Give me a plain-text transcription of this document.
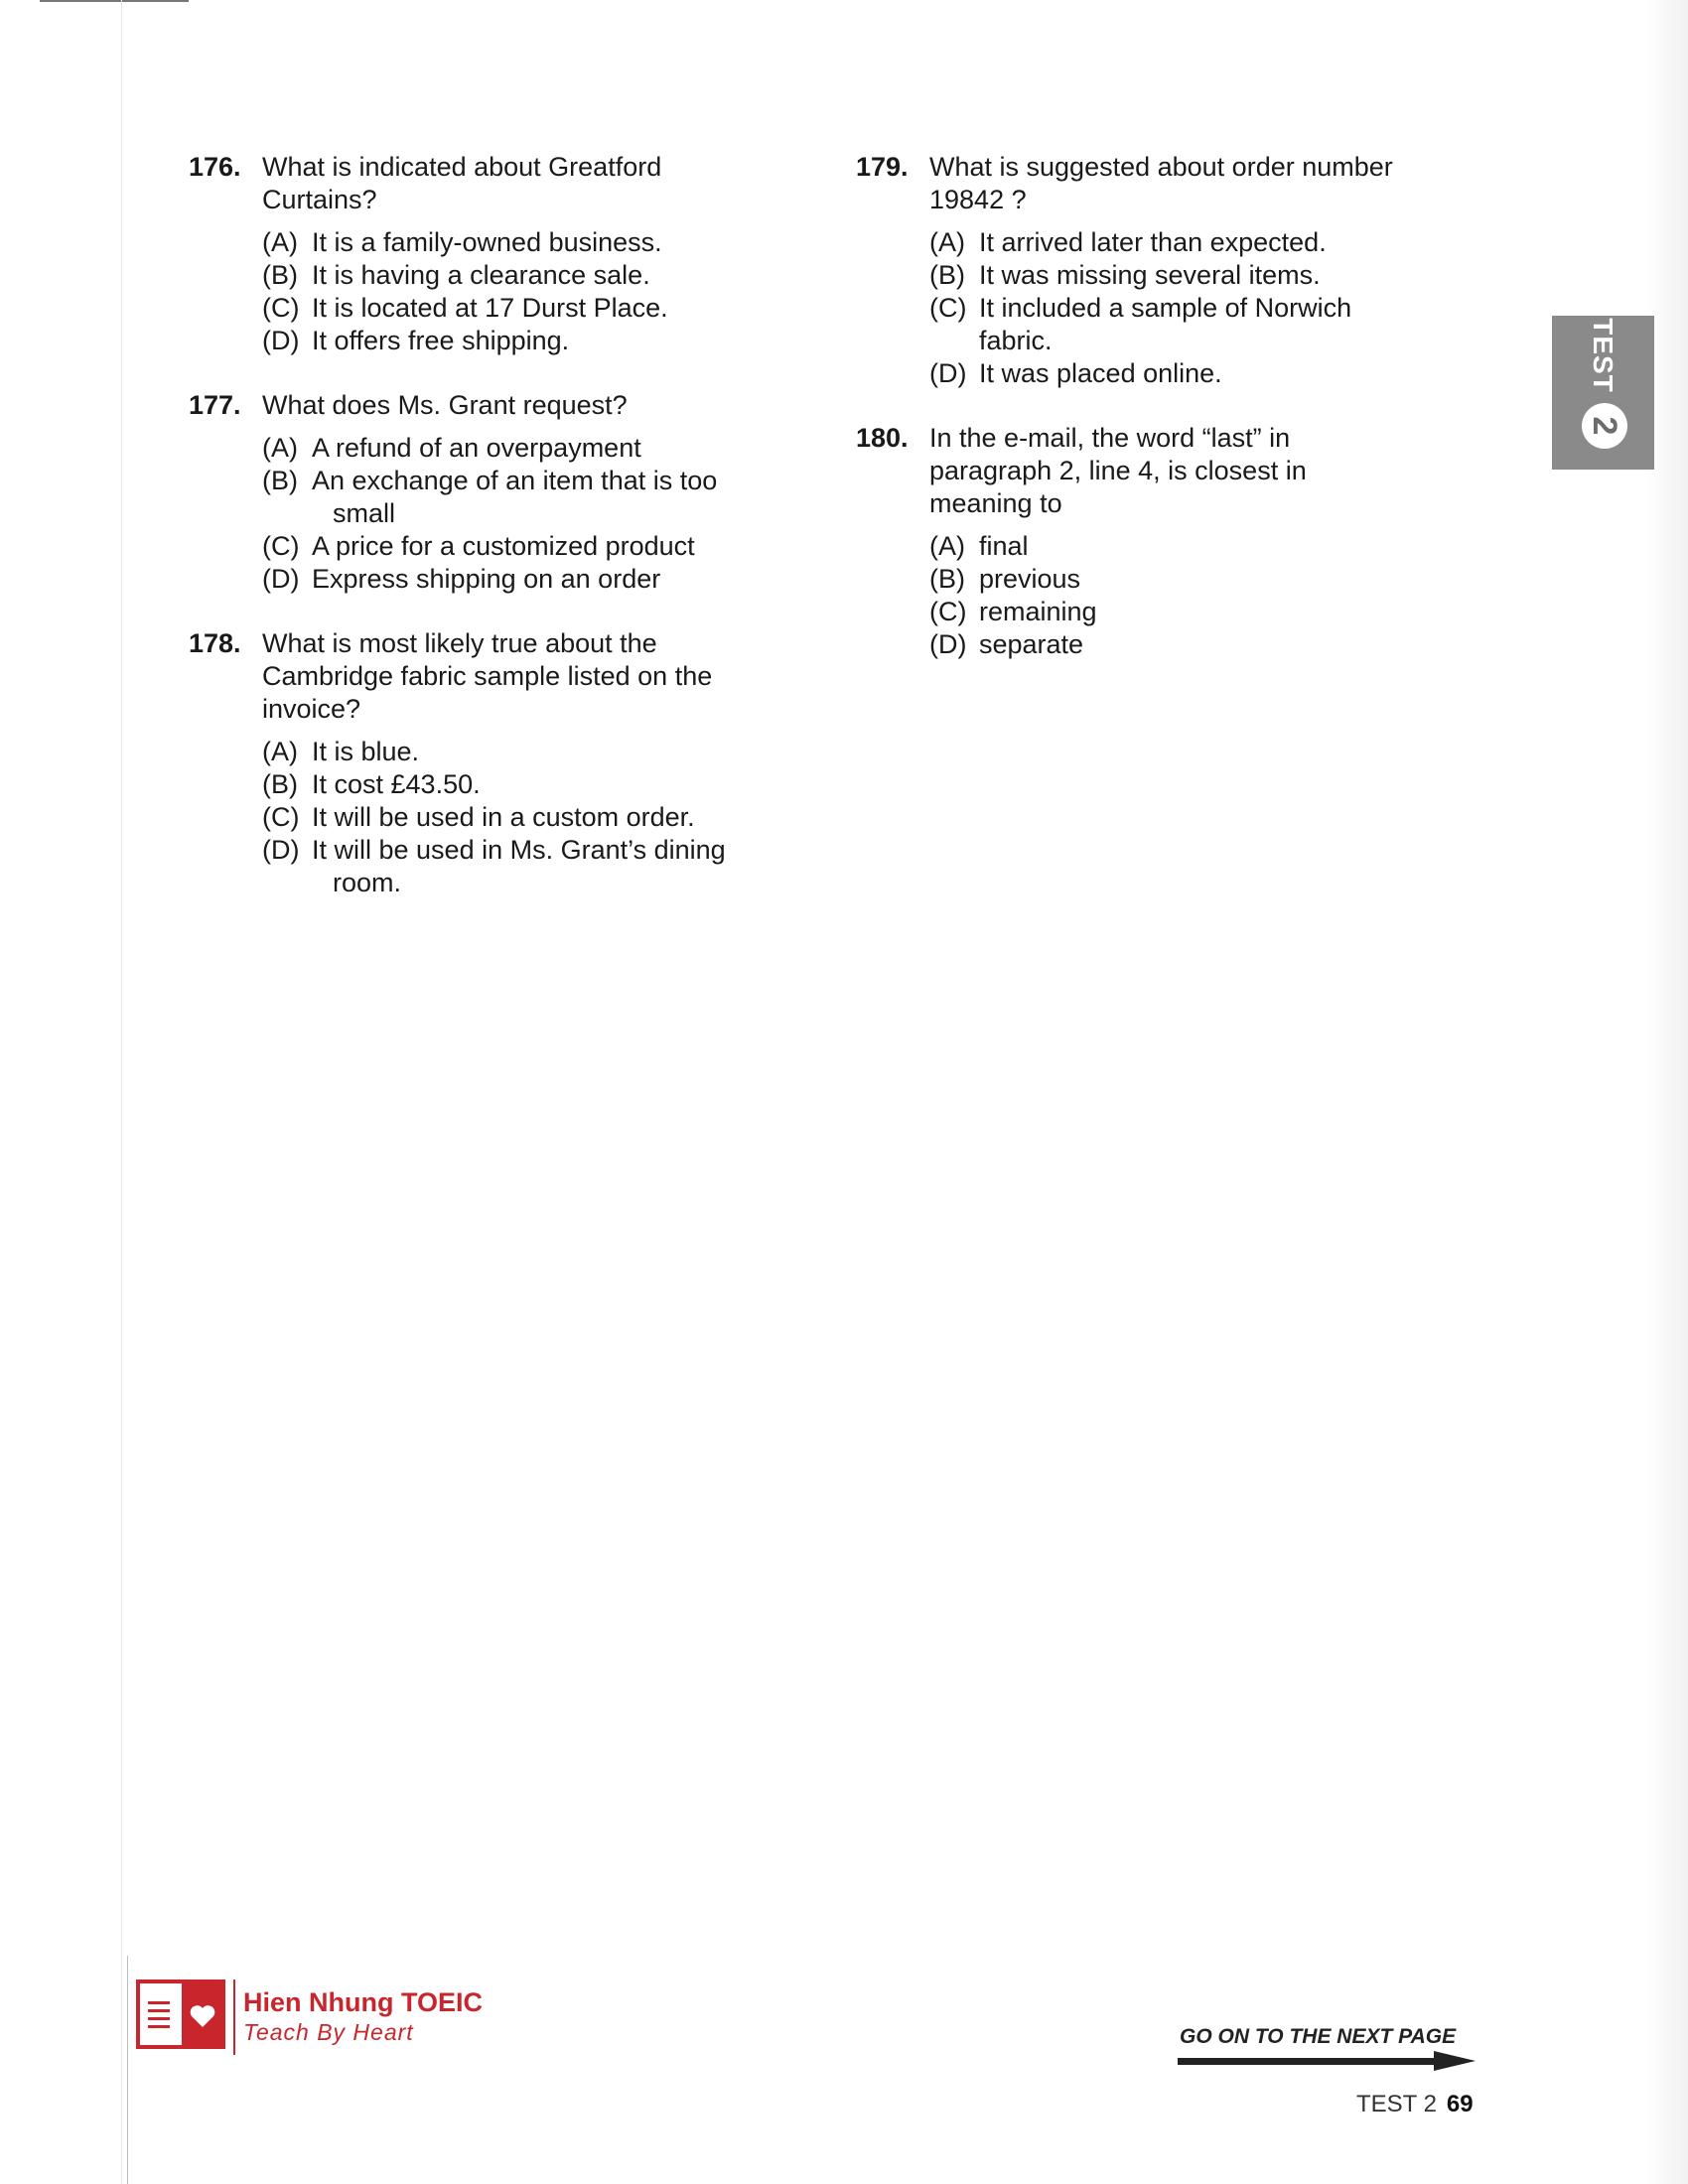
176. What is indicated about Greatford Curtains?
(A) It is a family-owned business.
(B) It is having a clearance sale.
(C) It is located at 17 Durst Place.
(D) It offers free shipping.
177. What does Ms. Grant request?
(A) A refund of an overpayment
(B) An exchange of an item that is too
small
(C) A price for a customized product
(D) Express shipping on an order
178. What is most likely true about the Cambridge fabric sample listed on the invoice?
(A) It is blue.
(B) It cost £43.50.
(C) It will be used in a custom order.
(D) It will be used in Ms. Grant’s dining
room.
179. What is suggested about order number 19842 ?
(A) It arrived later than expected.
(B) It was missing several items.
(C) It included a sample of Norwich fabric.
(D) It was placed online.
180. In the e-mail, the word “last” in paragraph 2, line 4, is closest in meaning to
(A) final
(B) previous
(C) remaining
(D) separate
TEST
2
Hien Nhung TOEIC
Teach By Heart	GO ON TO THE NEXT PAGE
TEST 2 69
